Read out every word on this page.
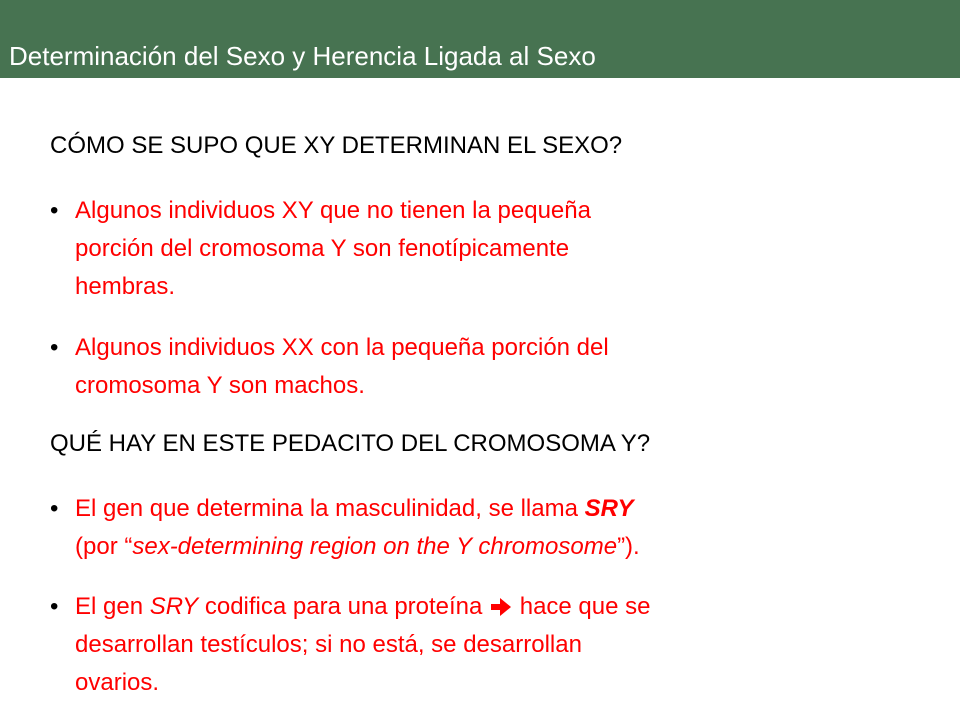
Determinación del Sexo y Herencia Ligada al Sexo
CÓMO SE SUPO QUE XY DETERMINAN EL SEXO?
• Algunos individuos XY que no tienen la pequeña
porción del cromosoma Y son fenotípicamente
hembras.
• Algunos individuos XX con la pequeña porción del
cromosoma Y son machos.
QUÉ HAY EN ESTE PEDACITO DEL CROMOSOMA Y?
• El gen que determina la masculinidad, se llama SRY
(por “sex-determining region on the Y chromosome”).
• El gen SRY codifica para una proteína  hace que se
desarrollan testículos; si no está, se desarrollan
ovarios.
